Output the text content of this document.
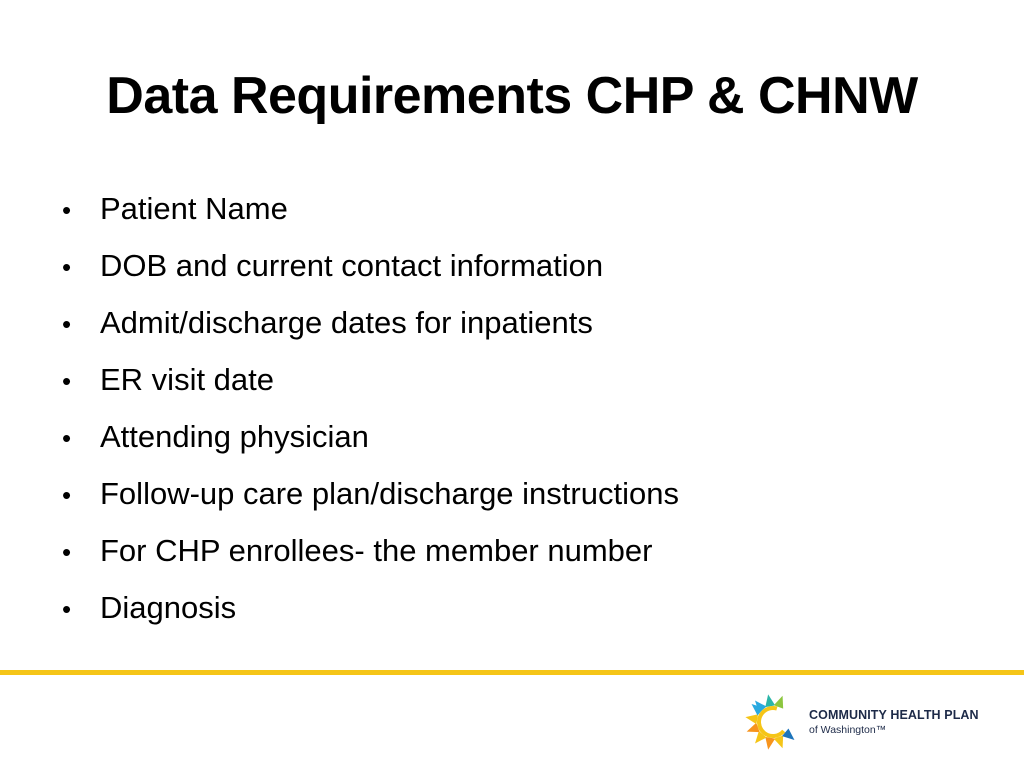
Data Requirements CHP & CHNW
• Patient Name
• DOB and current contact information
• Admit/discharge dates for inpatients
• ER visit date
• Attending physician
• Follow-up care plan/discharge instructions
• For CHP enrollees- the member number
• Diagnosis
COMMUNITY HEALTH PLAN
of Washington™
